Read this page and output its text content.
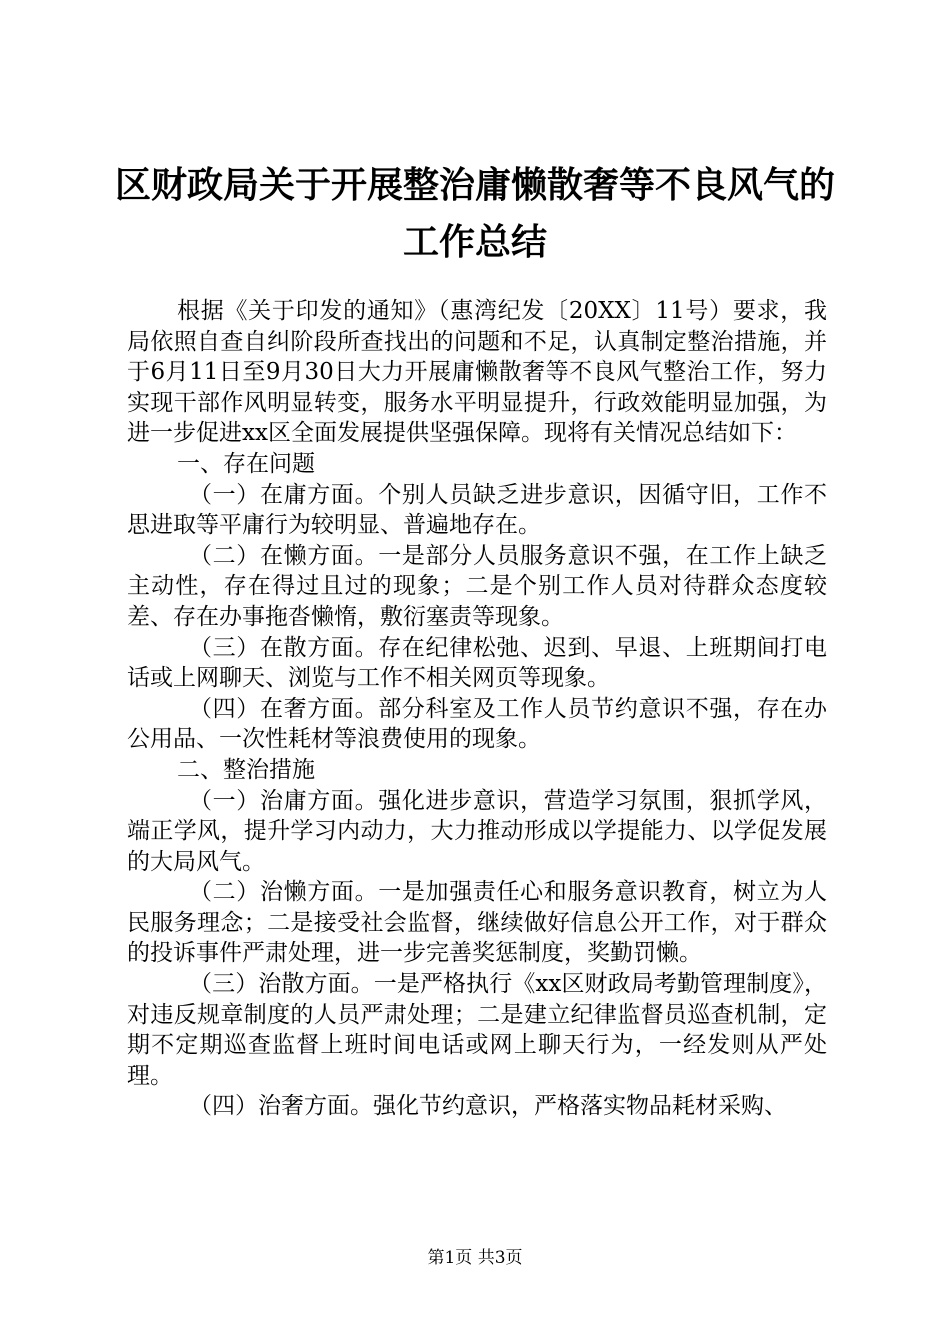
区财政局关于开展整治庸懒散奢等不良风气的
工作总结

根据《关于印发的通知》（惠湾纪发〔20XX〕11号）要求，我局依照自查自纠阶段所查找出的问题和不足，认真制定整治措施，并于6月11日至9月30日大力开展庸懒散奢等不良风气整治工作，努力实现干部作风明显转变，服务水平明显提升，行政效能明显加强，为进一步促进xx区全面发展提供坚强保障。现将有关情况总结如下：

一、存在问题

（一）在庸方面。个别人员缺乏进步意识，因循守旧，工作不思进取等平庸行为较明显、普遍地存在。

（二）在懒方面。一是部分人员服务意识不强，在工作上缺乏主动性，存在得过且过的现象；二是个别工作人员对待群众态度较差、存在办事拖沓懒惰，敷衍塞责等现象。

（三）在散方面。存在纪律松弛、迟到、早退、上班期间打电话或上网聊天、浏览与工作不相关网页等现象。

（四）在奢方面。部分科室及工作人员节约意识不强，存在办公用品、一次性耗材等浪费使用的现象。

二、整治措施

（一）治庸方面。强化进步意识，营造学习氛围，狠抓学风，端正学风，提升学习内动力，大力推动形成以学提能力、以学促发展的大局风气。

（二）治懒方面。一是加强责任心和服务意识教育，树立为人民服务理念；二是接受社会监督，继续做好信息公开工作，对于群众的投诉事件严肃处理，进一步完善奖惩制度，奖勤罚懒。

（三）治散方面。一是严格执行《xx区财政局考勤管理制度》，对违反规章制度的人员严肃处理；二是建立纪律监督员巡查机制，定期不定期巡查监督上班时间电话或网上聊天行为，一经发则从严处理。

（四）治奢方面。强化节约意识，严格落实物品耗材采购、

第1页 共3页
